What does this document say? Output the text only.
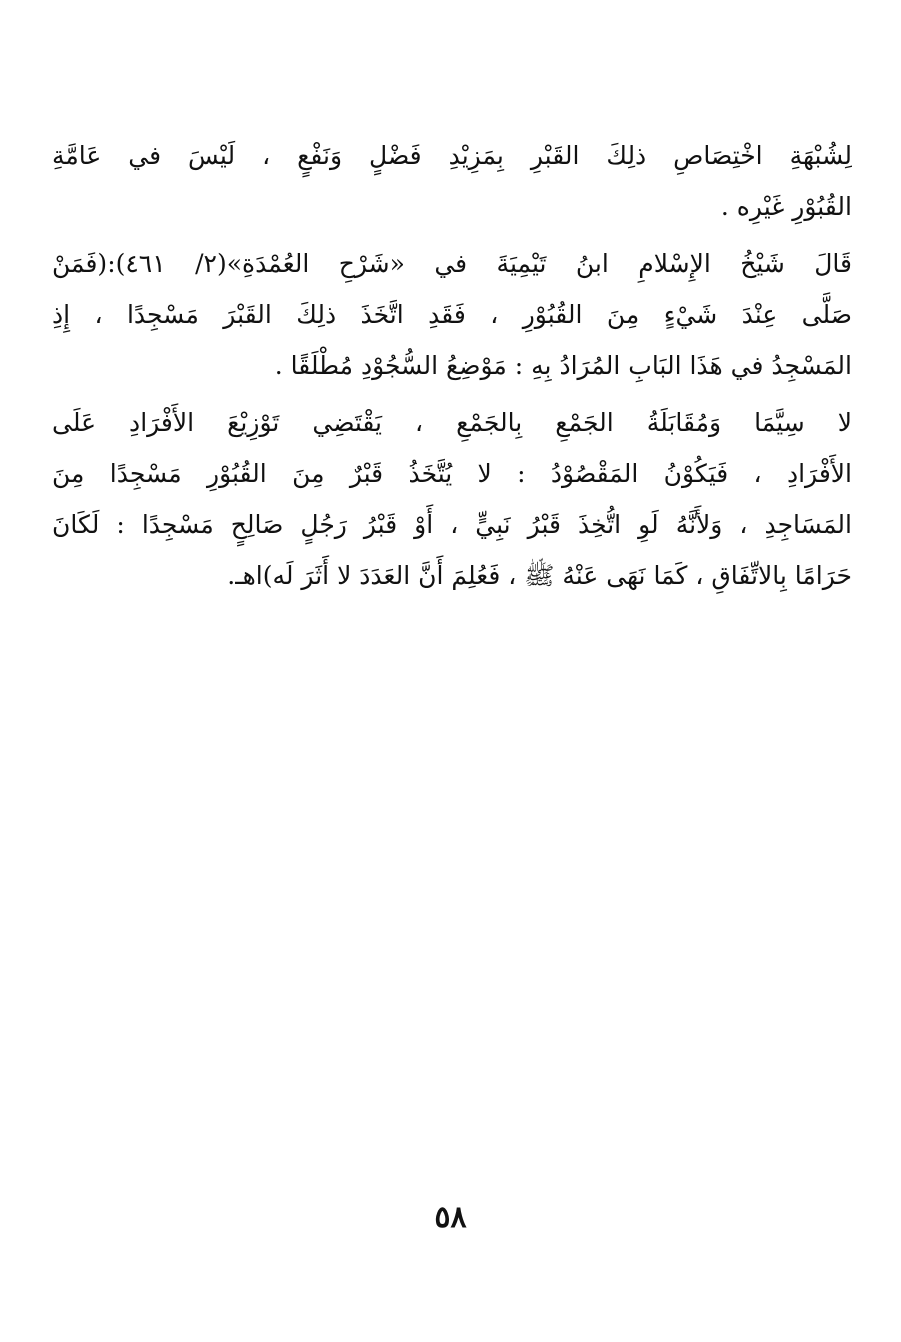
لِشُبْهَةِ اخْتِصَاصِ ذلِكَ القَبْرِ بِمَزِيْدِ فَضْلٍ وَنَفْعٍ ، لَيْسَ في عَامَّةِ
القُبُوْرِ غَيْرِه .
قَالَ شَيْخُ الإِسْلامِ ابنُ تَيْمِيَةَ في «شَرْحِ العُمْدَةِ»(٢/ ٤٦١):(فَمَنْ
صَلَّى عِنْدَ شَيْءٍ مِنَ القُبُوْرِ ، فَقَدِ اتَّخَذَ ذلِكَ القَبْرَ مَسْجِدًا ، إِذِ
المَسْجِدُ في هَذَا البَابِ المُرَادُ بِهِ : مَوْضِعُ السُّجُوْدِ مُطْلَقًا .
لا سِيَّمَا وَمُقَابَلَةُ الجَمْعِ بِالجَمْعِ ، يَقْتَضِي تَوْزِيْعَ الأَفْرَادِ عَلَى
الأَفْرَادِ ، فَيَكُوْنُ المَقْصُوْدُ : لا يُتَّخَذُ قَبْرٌ مِنَ القُبُوْرِ مَسْجِدًا مِنَ
المَسَاجِدِ ، وَلأَنَّهُ لَوِ اتُّخِذَ قَبْرُ نَبِيٍّ ، أَوْ قَبْرُ رَجُلٍ صَالِحٍ مَسْجِدًا : لَكَانَ
حَرَامًا بِالاتِّفَاقِ ، كَمَا نَهَى عَنْهُ ﷺ ، فَعُلِمَ أَنَّ العَدَدَ لا أَثَرَ لَه)اهـ.
٥٨
